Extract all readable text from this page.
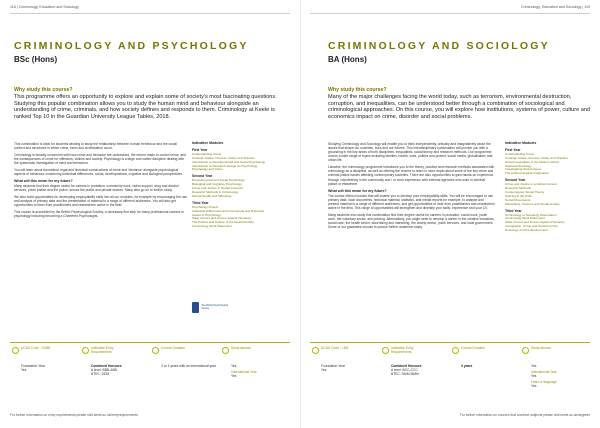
118 | Criminology, Education and Sociology
CRIMINOLOGY AND PSYCHOLOGY
BSc (Hons)
Why study this course?
This programme offers an opportunity to explore and explain some of society's most fascinating questions. Studying this popular combination allows you to study the human mind and behaviour alongside an understanding of crime, criminals, and how society defines and responds to them. Criminology at Keele is ranked Top 10 in the Guardian University League Tables, 2018.

This combination is ideal for students wishing to study the relationship between human behaviour and the social context and structures in which crime, harm and victimisation occur.

Criminology is broadly concerned with how crime and deviance are understood, the reform made to control crime, and the consequences of crime for offenders, victims and society. Psychology is a large and varied discipline dealing with the systematic investigation of mind and behaviour.

You will learn about theoretical, legal and historical constructions of crime and 'deviance' alongside psychological aspects of behaviour concerning individual differences, social, developmental, cognitive and biological perspectives.

What will this mean for my future?

Many students find their degree useful for careers in probation, community work, victim support, drug and alcohol services, youth justice and the police, across the public and private sectors. Many also go on to further study.

We also build opportunities for developing employability skills into all our modules, for example by encouraging the use and analysis of primary data and the presentation of material to a range of different audiences. You will also get opportunities to learn from practitioners and researchers active in the field.

This course is accredited by the British Psychological Society, a necessary first step for many professional careers in psychology including becoming a Chartered Psychologist.

Indicative Modules
First Year
Understanding Crime
Criminal Justice: Process, Policy and Practice
Introduction to Developmental and Social Psychology
Introduction to Research Design for Psychology
Psychology and Crime
Second Year
Developmental and Social Psychology
Biological and Cognitive Psychology
Crime and Justice in Global Contexts
Research Methods in Criminology
Mental Health and Offending
Third Year
Psychology Project
Individual Differences and Conceptual and Historical Issues in Psychology
State Crimes and Crimes against Humanity
The Politics and Culture of the Death Penalty
Criminology Work Placement
The British Psychological Society
UCAS Code - CM81
Foundation Year
Yes
Indicative Entry Requirements
Combined Honours
A level: BBB-ABB
BTEC: DDM
Course Duration
3 or 4 years with an international year
Study abroad
Yes
International Year
Yes
For further information on entry requirements please visit keele.ac.uk/entryrequirements
Criminology, Education and Sociology | 119
CRIMINOLOGY AND SOCIOLOGY
BA (Hons)
Why study this course?
Many of the major challenges facing the world today, such as terrorism, environmental destruction, corruption, and inequalities, can be understood better through a combination of sociological and criminological approaches. On this course, you will explore how institutions, systems of power, culture and economics impact on crime, disorder and social problems.

Studying Criminology and Sociology will enable you to think independently, critically and imaginatively about the issues that shape our societies, lives and our futures. This interdisciplinary combination will provide you with a grounding in the key areas of both disciplines: inequalities, social theory and research methods. Our programme covers a wide range of topics including families, health, work, politics and protest, social media, globalisation and urban life.

Likewise, the criminology programme introduces you to the theory, practice and research methods associated with criminology as a discipline, as well as offering the chance to learn in more depth about some of the key crime and criminal justice issues affecting contemporary societies. There are also opportunities to gain hands-on experience through volunteering in the community and / or work experience with external agencies who work in criminal justice or elsewhere.

What will this mean for my future?

The course offers modules that will enable you to develop your employability skills. You will be encouraged to use primary data, local documents, historical material, statistics, and media reports for example, to analyse and present material to a range of different audiences, and get opportunities to hear from practitioners and researchers active in the field. This range of opportunities will strengthen and diversify your skills, experience and your CV.

Many students who study this combination find their degree useful for careers in probation, social work, youth work, the voluntary sector, and policing. Alternatively, you might seek to develop a career in the creative industries, social care, the health sector, advertising and marketing, the charity sector, youth services, and local government. Some of our graduates choose to pursue further academic study.

Indicative Modules
First Year
Understanding Crime
Criminal Justice: Process, Policy and Practice
Social Inequalities in the Modern World
Classical Sociology
Investigating Social Issues
The Anthropological Imagination
Second Year
Crime and Justice in a Global Context
Research Methods
Contemporary Social Theory
Policing in the Polis
Social Movements
Masculinity, Violence and Social Anxiety
Third Year
Criminology or Sociology Dissertation
Criminology Work Placement
State Crimes and Crimes Against Humanity
Immigration, Crime and Social Control
Sociology and the Environment
UCAS Code - LM9
Foundation Year
Yes
Indicative Entry Requirements
Combined Honours
A level: BCC-CCC
BTEC: DMM-MMM
Course Duration
3 years
Study abroad
Yes
International Year
Yes
Learn a language
Yes
For further information on courses that combine subjects please visit keele.ac.uk/degrees
